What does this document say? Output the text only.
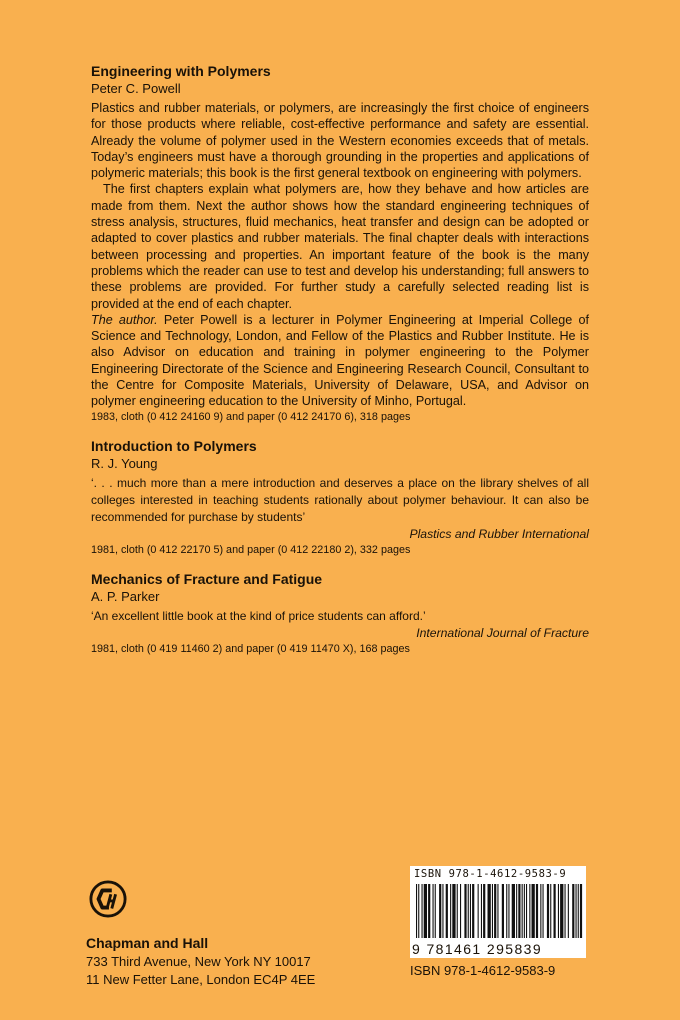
Engineering with Polymers

Peter C. Powell

Plastics and rubber materials, or polymers, are increasingly the first choice of engineers for those products where reliable, cost-effective performance and safety are essential. Already the volume of polymer used in the Western economies exceeds that of metals. Today’s engineers must have a thorough grounding in the properties and applications of polymeric materials; this book is the first general textbook on engineering with polymers.

The first chapters explain what polymers are, how they behave and how articles are made from them. Next the author shows how the standard engineering techniques of stress analysis, structures, fluid mechanics, heat transfer and design can be adopted or adapted to cover plastics and rubber materials. The final chapter deals with interactions between processing and properties. An important feature of the book is the many problems which the reader can use to test and develop his understanding; full answers to these problems are provided. For further study a carefully selected reading list is provided at the end of each chapter.

The author. Peter Powell is a lecturer in Polymer Engineering at Imperial College of Science and Technology, London, and Fellow of the Plastics and Rubber Institute. He is also Advisor on education and training in polymer engineering to the Polymer Engineering Directorate of the Science and Engineering Research Council, Consultant to the Centre for Composite Materials, University of Delaware, USA, and Advisor on polymer engineering education to the University of Minho, Portugal.

1983, cloth (0 412 24160 9) and paper (0 412 24170 6), 318 pages

Introduction to Polymers

R. J. Young

‘. . . much more than a mere introduction and deserves a place on the library shelves of all colleges interested in teaching students rationally about polymer behaviour. It can also be recommended for purchase by students’

Plastics and Rubber International

1981, cloth (0 412 22170 5) and paper (0 412 22180 2), 332 pages

Mechanics of Fracture and Fatigue

A. P. Parker

‘An excellent little book at the kind of price students can afford.’

International Journal of Fracture

1981, cloth (0 419 11460 2) and paper (0 419 11470 X), 168 pages

Chapman and Hall
733 Third Avenue, New York NY 10017
11 New Fetter Lane, London EC4P 4EE
ISBN 978-1-4612-9583-9
9 781461 295839
ISBN 978-1-4612-9583-9
